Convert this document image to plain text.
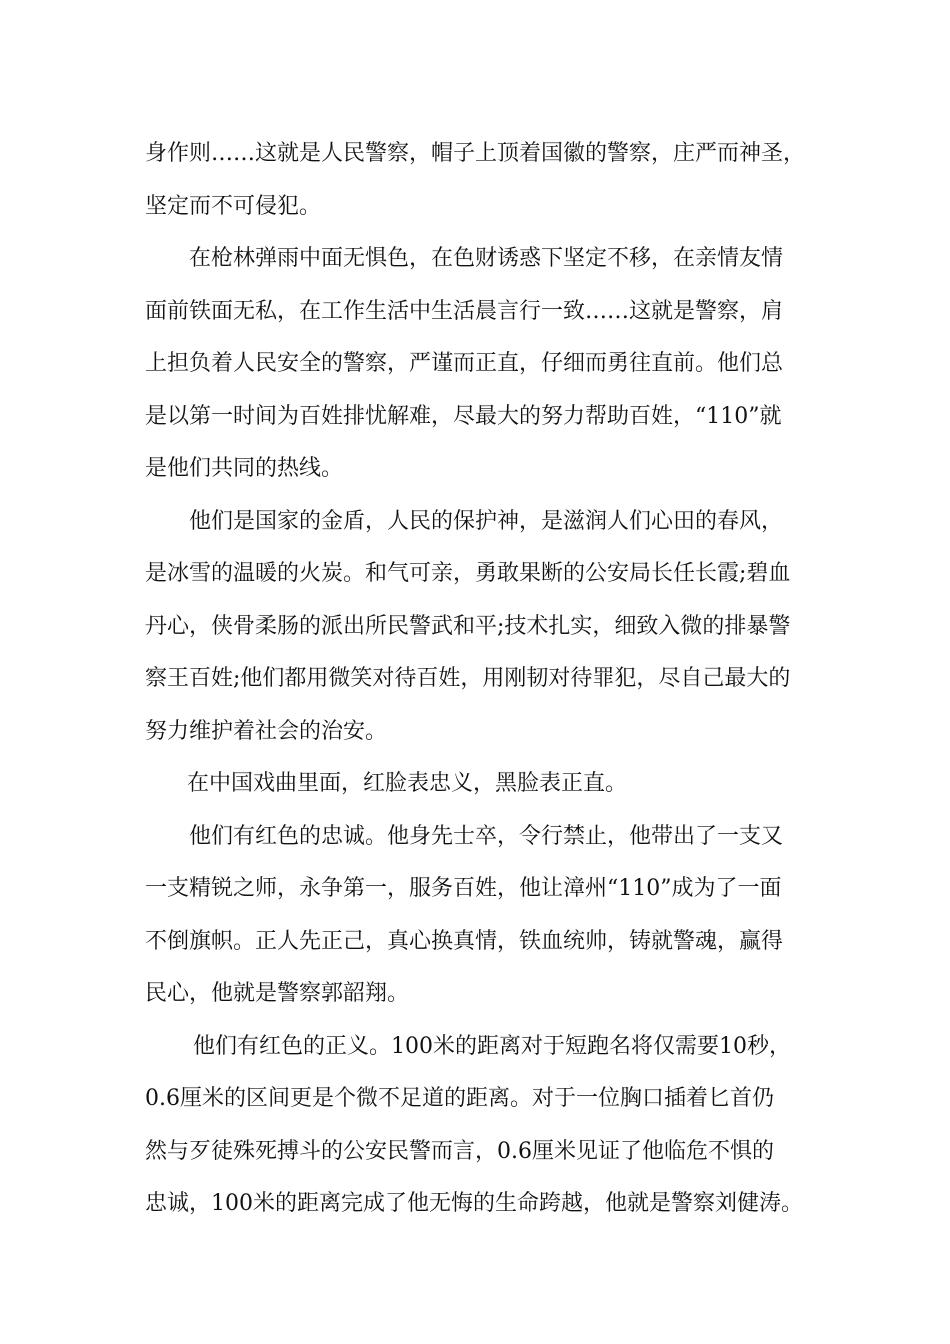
身作则……这就是人民警察，帽子上顶着国徽的警察，庄严而神圣，
坚定而不可侵犯。
在枪林弹雨中面无惧色，在色财诱惑下坚定不移，在亲情友情
面前铁面无私，在工作生活中生活晨言行一致……这就是警察，肩
上担负着人民安全的警察，严谨而正直，仔细而勇往直前。他们总
是以第一时间为百姓排忧解难，尽最大的努力帮助百姓，“110”就
是他们共同的热线。
他们是国家的金盾，人民的保护神，是滋润人们心田的春风，
是冰雪的温暖的火炭。和气可亲，勇敢果断的公安局长任长霞;碧血
丹心，侠骨柔肠的派出所民警武和平;技术扎实，细致入微的排暴警
察王百姓;他们都用微笑对待百姓，用刚韧对待罪犯，尽自己最大的
努力维护着社会的治安。
在中国戏曲里面，红脸表忠义，黑脸表正直。
他们有红色的忠诚。他身先士卒，令行禁止，他带出了一支又
一支精锐之师，永争第一，服务百姓，他让漳州“110”成为了一面
不倒旗帜。正人先正己，真心换真情，铁血统帅，铸就警魂，赢得
民心，他就是警察郭韶翔。
他们有红色的正义。100米的距离对于短跑名将仅需要10秒，
0.6厘米的区间更是个微不足道的距离。对于一位胸口插着匕首仍
然与歹徒殊死搏斗的公安民警而言，0.6厘米见证了他临危不惧的
忠诚，100米的距离完成了他无悔的生命跨越，他就是警察刘健涛。
